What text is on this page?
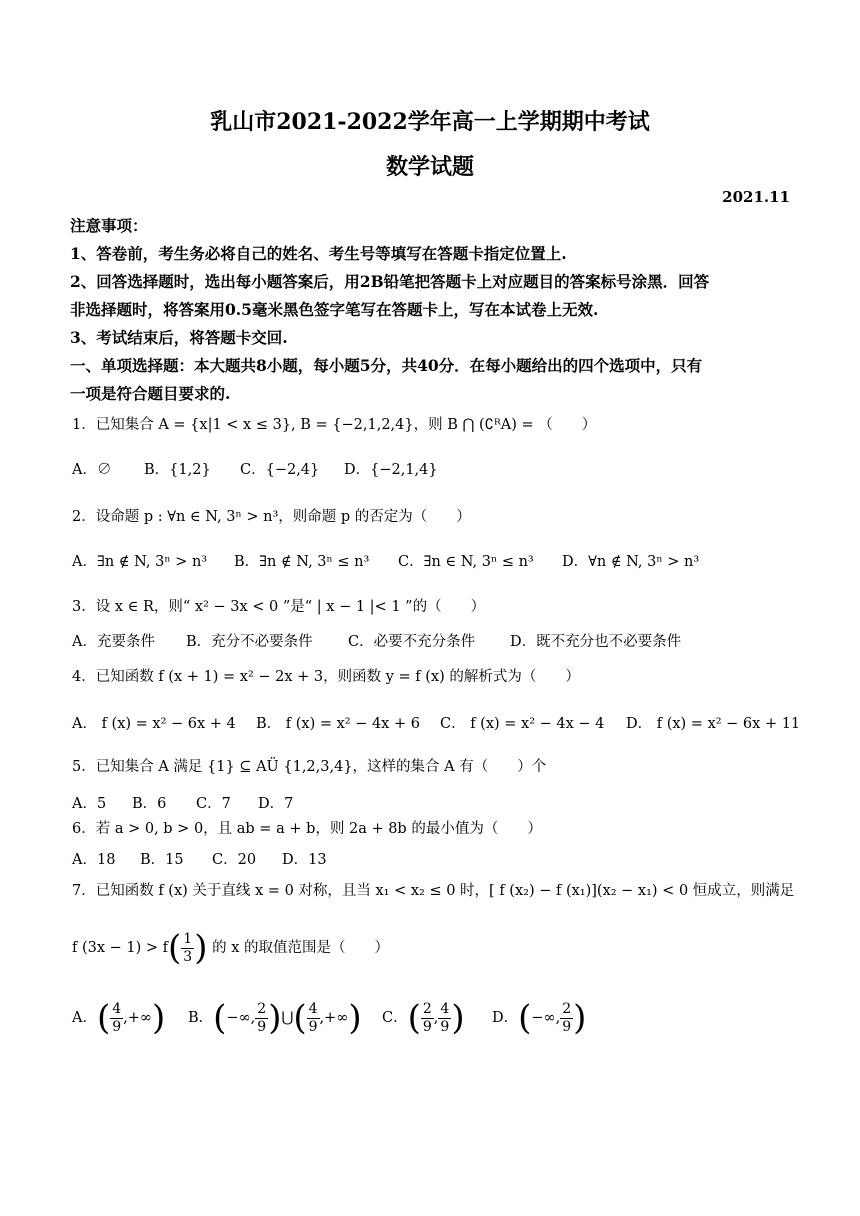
乳山市2021-2022学年高一上学期期中考试
数学试题
2021.11
注意事项：
1、答卷前，考生务必将自己的姓名、考生号等填写在答题卡指定位置上.
2、回答选择题时，选出每小题答案后，用2B铅笔把答题卡上对应题目的答案标号涂黑．回答
非选择题时，将答案用0.5毫米黑色签字笔写在答题卡上，写在本试卷上无效.
3、考试结束后，将答题卡交回.
一、单项选择题：本大题共8小题，每小题5分，共40分．在每小题给出的四个选项中，只有
一项是符合题目要求的.
1．已知集合 A = {x|1 < x ≤ 3}, B = {−2,1,2,4}，则 B ⋂ (∁ᴿA) = （　　）
A．∅ B．{1,2} C．{−2,4} D．{−2,1,4}
2．设命题 p : ∀n ∈ N, 3ⁿ > n³，则命题 p 的否定为（　　）
A．∃n ∉ N, 3ⁿ > n³ B．∃n ∉ N, 3ⁿ ≤ n³ C．∃n ∈ N, 3ⁿ ≤ n³ D．∀n ∉ N, 3ⁿ > n³
3．设 x ∈ R，则“ x² − 3x < 0 ”是“ | x − 1 |< 1 ”的（　　）
A．充要条件 B．充分不必要条件 C．必要不充分条件 D．既不充分也不必要条件
4．已知函数 f (x + 1) = x² − 2x + 3，则函数 y = f (x) 的解析式为（　　）
A． f (x) = x² − 6x + 4 B． f (x) = x² − 4x + 6 C． f (x) = x² − 4x − 4 D． f (x) = x² − 6x + 11
5．已知集合 A 满足 {1} ⊆ AÜ {1,2,3,4}，这样的集合 A 有（　　）个
A．5 B．6 C．7 D．7
6．若 a > 0, b > 0，且 ab = a + b，则 2a + 8b 的最小值为（　　）
A．18 B．15 C．20 D．13
7．已知函数 f (x) 关于直线 x = 0 对称，且当 x₁ < x₂ ≤ 0 时，[ f (x₂) − f (x₁)](x₂ − x₁) < 0 恒成立，则满足
f $(3x - 1) > f( \frac{1}{3}$ ) 的 x 的取值范围是（　　）
A．( $\frac{4}{9}$ ,+∞) B．(−∞, $\frac{2}{9}$ )⋃( $\frac{4}{9}$ ,+∞) C．( $\frac{2}{9}$ , $\frac{4}{9}$ ) D．(−∞, $\frac{2}{9}$ )
